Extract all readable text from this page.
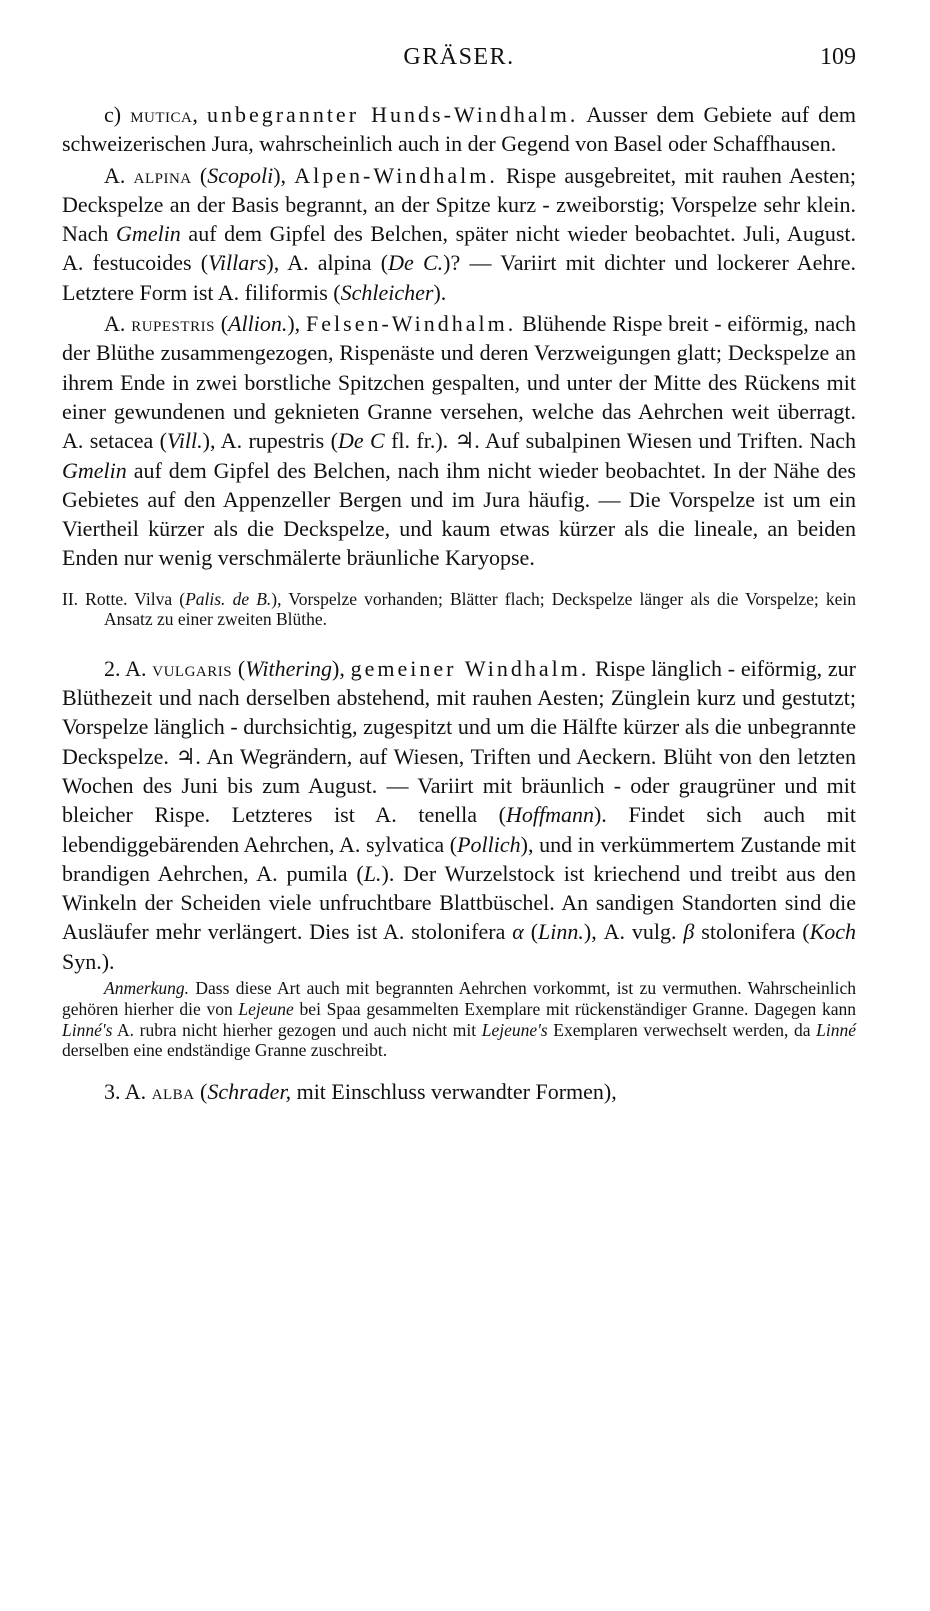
GRÄSER.	109

c) mutica, unbegrannter Hunds-Windhalm. Ausser dem Gebiete auf dem schweizerischen Jura, wahrscheinlich auch in der Gegend von Basel oder Schaffhausen.

A. alpina (Scopoli), Alpen-Windhalm. Rispe ausgebreitet, mit rauhen Aesten; Deckspelze an der Basis begrannt, an der Spitze kurz - zweiborstig; Vorspelze sehr klein. Nach Gmelin auf dem Gipfel des Belchen, später nicht wieder beobachtet. Juli, August. A. festucoides (Villars), A. alpina (De C.)? — Variirt mit dichter und lockerer Aehre. Letztere Form ist A. filiformis (Schleicher).

A. rupestris (Allion.), Felsen-Windhalm. Blühende Rispe breit - eiförmig, nach der Blüthe zusammengezogen, Rispenäste und deren Verzweigungen glatt; Deckspelze an ihrem Ende in zwei borstliche Spitzchen gespalten, und unter der Mitte des Rückens mit einer gewundenen und geknieten Granne versehen, welche das Aehrchen weit überragt. A. setacea (Vill.), A. rupestris (De C fl. fr.). ♃. Auf subalpinen Wiesen und Triften. Nach Gmelin auf dem Gipfel des Belchen, nach ihm nicht wieder beobachtet. In der Nähe des Gebietes auf den Appenzeller Bergen und im Jura häufig. — Die Vorspelze ist um ein Viertheil kürzer als die Deckspelze, und kaum etwas kürzer als die lineale, an beiden Enden nur wenig verschmälerte bräunliche Karyopse.

II. Rotte. Vilva (Palis. de B.), Vorspelze vorhanden; Blätter flach; Deckspelze länger als die Vorspelze; kein Ansatz zu einer zweiten Blüthe.

2. A. vulgaris (Withering), gemeiner Windhalm. Rispe länglich - eiförmig, zur Blüthezeit und nach derselben abstehend, mit rauhen Aesten; Zünglein kurz und gestutzt; Vorspelze länglich - durchsichtig, zugespitzt und um die Hälfte kürzer als die unbegrannte Deckspelze. ♃. An Wegrändern, auf Wiesen, Triften und Aeckern. Blüht von den letzten Wochen des Juni bis zum August. — Variirt mit bräunlich - oder graugrüner und mit bleicher Rispe. Letzteres ist A. tenella (Hoffmann). Findet sich auch mit lebendiggebärenden Aehrchen, A. sylvatica (Pollich), und in verkümmertem Zustande mit brandigen Aehrchen, A. pumila (L.). Der Wurzelstock ist kriechend und treibt aus den Winkeln der Scheiden viele unfruchtbare Blattbüschel. An sandigen Standorten sind die Ausläufer mehr verlängert. Dies ist A. stolonifera α (Linn.), A. vulg. β stolonifera (Koch Syn.).

Anmerkung. Dass diese Art auch mit begrannten Aehrchen vorkommt, ist zu vermuthen. Wahrscheinlich gehören hierher die von Lejeune bei Spaa gesammelten Exemplare mit rückenständiger Granne. Dagegen kann Linné's A. rubra nicht hierher gezogen und auch nicht mit Lejeune's Exemplaren verwechselt werden, da Linné derselben eine endständige Granne zuschreibt.

3. A. alba (Schrader, mit Einschluss verwandter Formen),
